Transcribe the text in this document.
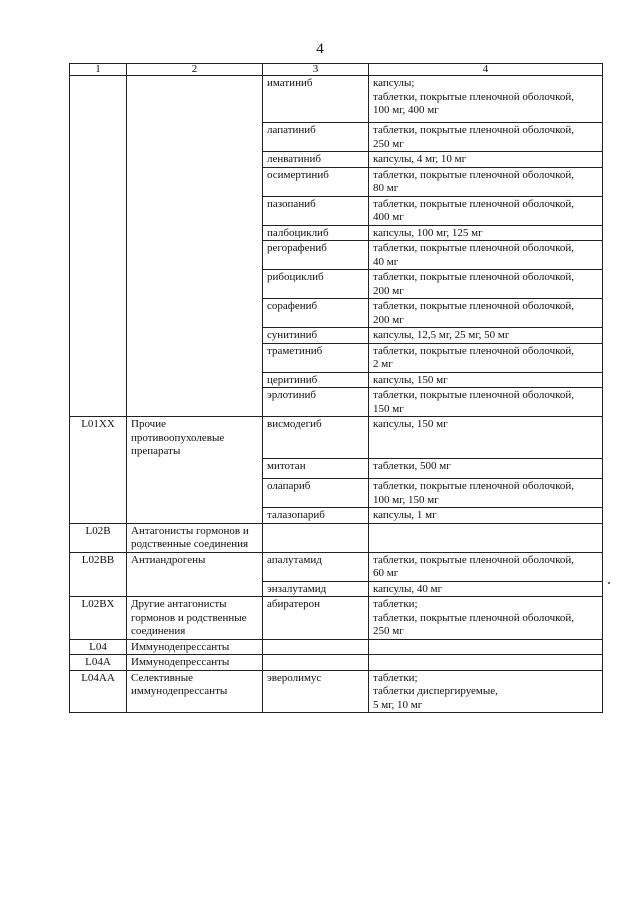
4
1	2	3	4
		иматиниб	капсулы;
таблетки, покрытые пленочной оболочкой,
100 мг, 400 мг
		лапатиниб	таблетки, покрытые пленочной оболочкой,
250 мг
		ленватиниб	капсулы, 4 мг, 10 мг
		осимертиниб	таблетки, покрытые пленочной оболочкой,
80 мг
		пазопаниб	таблетки, покрытые пленочной оболочкой,
400 мг
		палбоциклиб	капсулы, 100 мг, 125 мг
		регорафениб	таблетки, покрытые пленочной оболочкой,
40 мг
		рибоциклиб	таблетки, покрытые пленочной оболочкой,
200 мг
		сорафениб	таблетки, покрытые пленочной оболочкой,
200 мг
		сунитиниб	капсулы, 12,5 мг, 25 мг, 50 мг
		траметиниб	таблетки, покрытые пленочной оболочкой,
2 мг
		церитиниб	капсулы, 150 мг
		эрлотиниб	таблетки, покрытые пленочной оболочкой,
150 мг
L01XX	Прочие
противоопухолевые
препараты	висмодегиб	капсулы, 150 мг
		митотан	таблетки, 500 мг
		олапариб	таблетки, покрытые пленочной оболочкой,
100 мг, 150 мг
		талазопариб	капсулы, 1 мг
L02B	Антагонисты гормонов и
родственные соединения		
L02BB	Антиандрогены	апалутамид	таблетки, покрытые пленочной оболочкой,
60 мг
		энзалутамид	капсулы, 40 мг
L02BX	Другие антагонисты
гормонов и родственные
соединения	абиратерон	таблетки;
таблетки, покрытые пленочной оболочкой,
250 мг
L04	Иммунодепрессанты		
L04A	Иммунодепрессанты		
L04AA	Селективные
иммунодепрессанты	эверолимус	таблетки;
таблетки диспергируемые,
5 мг, 10 мг
